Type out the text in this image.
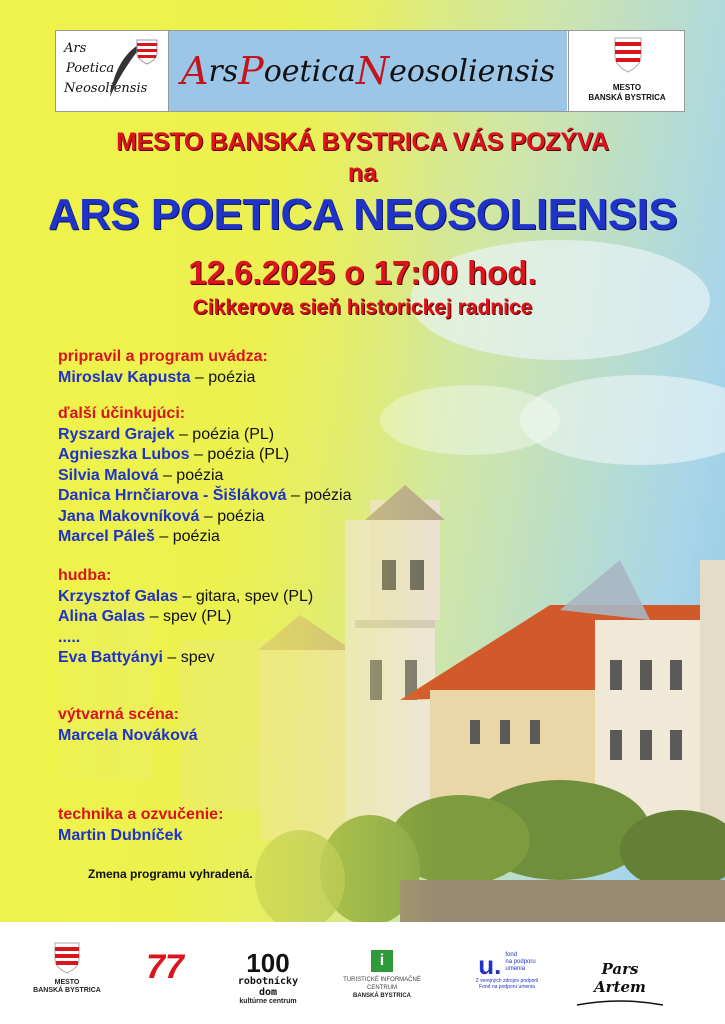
Ars
Poetica
Neosoliensis A rs P oetica N eosoliensis	MESTO
BANSKÁ BYSTRICA
MESTO BANSKÁ BYSTRICA VÁS POZÝVA
na
ARS POETICA NEOSOLIENSIS
12.6.2025 o 17:00 hod.
Cikkerova sieň historickej radnice
pripravil a program uvádza:
Miroslav Kapusta – poézia
ďalší účinkujúci:
Ryszard Grajek – poézia (PL)
Agnieszka Lubos – poézia (PL)
Silvia Malová – poézia
Danica Hrnčiarova - Šišláková – poézia
Jana Makovníková – poézia
Marcel Páleš – poézia
hudba:
Krzysztof Galas – gitara, spev (PL)
Alina Galas – spev (PL)
.....
Eva Battyányi – spev
výtvarná scéna:
Marcela Nováková
technika a ozvučenie:
Martin Dubníček
Zmena programu vyhradená.
MESTO
BANSKÁ BYSTRICA
77	100
robotnícky dom
kultúrne centrum
i
TURISTICKÉ INFORMAČNÉ CENTRUM
BANSKÁ BYSTRICA
u. fond
na podporu
umenia
Z verejných zdrojov podporil
Fond na podporu umenia
Pars Artem
